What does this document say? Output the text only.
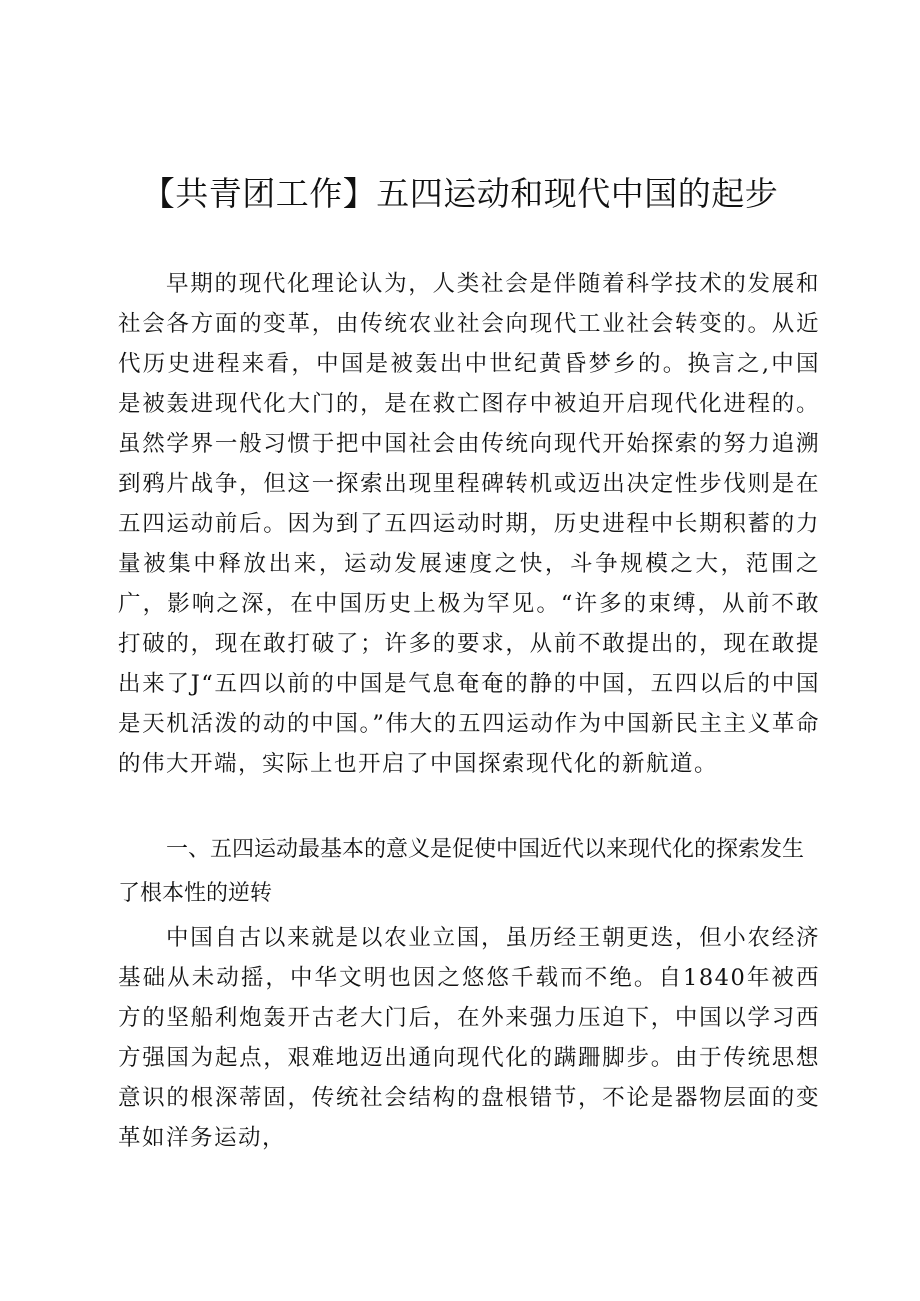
【共青团工作】五四运动和现代中国的起步

早期的现代化理论认为，人类社会是伴随着科学技术的发展和社会各方面的变革，由传统农业社会向现代工业社会转变的。从近代历史进程来看，中国是被轰出中世纪黄昏梦乡的。换言之,中国是被轰进现代化大门的，是在救亡图存中被迫开启现代化进程的。虽然学界一般习惯于把中国社会由传统向现代开始探索的努力追溯到鸦片战争，但这一探索出现里程碑转机或迈出决定性步伐则是在五四运动前后。因为到了五四运动时期，历史进程中长期积蓄的力量被集中释放出来，运动发展速度之快，斗争规模之大，范围之广，影响之深，在中国历史上极为罕见。“许多的束缚，从前不敢打破的，现在敢打破了；许多的要求，从前不敢提出的，现在敢提出来了J“五四以前的中国是气息奄奄的静的中国，五四以后的中国是天机活泼的动的中国。”伟大的五四运动作为中国新民主主义革命的伟大开端，实际上也开启了中国探索现代化的新航道。

一、五四运动最基本的意义是促使中国近代以来现代化的探索发生了根本性的逆转

中国自古以来就是以农业立国，虽历经王朝更迭，但小农经济基础从未动摇，中华文明也因之悠悠千载而不绝。自1840年被西方的坚船利炮轰开古老大门后，在外来强力压迫下，中国以学习西方强国为起点，艰难地迈出通向现代化的蹒跚脚步。由于传统思想意识的根深蒂固，传统社会结构的盘根错节，不论是器物层面的变革如洋务运动，
